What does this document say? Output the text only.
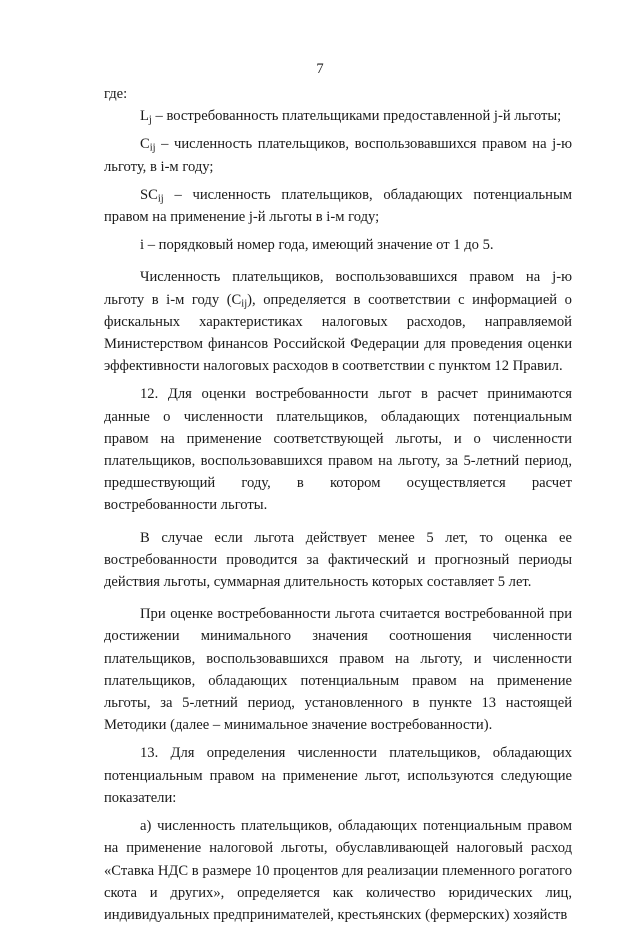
7

где:

$L_j$ – востребованность плательщиками предоставленной j-й льготы;

$C_{ij}$ – численность плательщиков, воспользовавшихся правом на j-ю льготу, в i-м году;

$SC_{ij}$ – численность плательщиков, обладающих потенциальным правом на применение j-й льготы в i-м году;

i – порядковый номер года, имеющий значение от 1 до 5.

Численность плательщиков, воспользовавшихся правом на j-ю льготу в i-м году $(C_{ij})$, определяется в соответствии с информацией о фискальных характеристиках налоговых расходов, направляемой Министерством финансов Российской Федерации для проведения оценки эффективности налоговых расходов в соответствии с пунктом 12 Правил.

12. Для оценки востребованности льгот в расчет принимаются данные о численности плательщиков, обладающих потенциальным правом на применение соответствующей льготы, и о численности плательщиков, воспользовавшихся правом на льготу, за 5-летний период, предшествующий году, в котором осуществляется расчет востребованности льготы.

В случае если льгота действует менее 5 лет, то оценка ее востребованности проводится за фактический и прогнозный периоды действия льготы, суммарная длительность которых составляет 5 лет.

При оценке востребованности льгота считается востребованной при достижении минимального значения соотношения численности плательщиков, воспользовавшихся правом на льготу, и численности плательщиков, обладающих потенциальным правом на применение льготы, за 5-летний период, установленного в пункте 13 настоящей Методики (далее – минимальное значение востребованности).

13. Для определения численности плательщиков, обладающих потенциальным правом на применение льгот, используются следующие показатели:

а) численность плательщиков, обладающих потенциальным правом на применение налоговой льготы, обуславливающей налоговый расход «Ставка НДС в размере 10 процентов для реализации племенного рогатого скота и других», определяется как количество юридических лиц, индивидуальных предпринимателей, крестьянских (фермерских) хозяйств
